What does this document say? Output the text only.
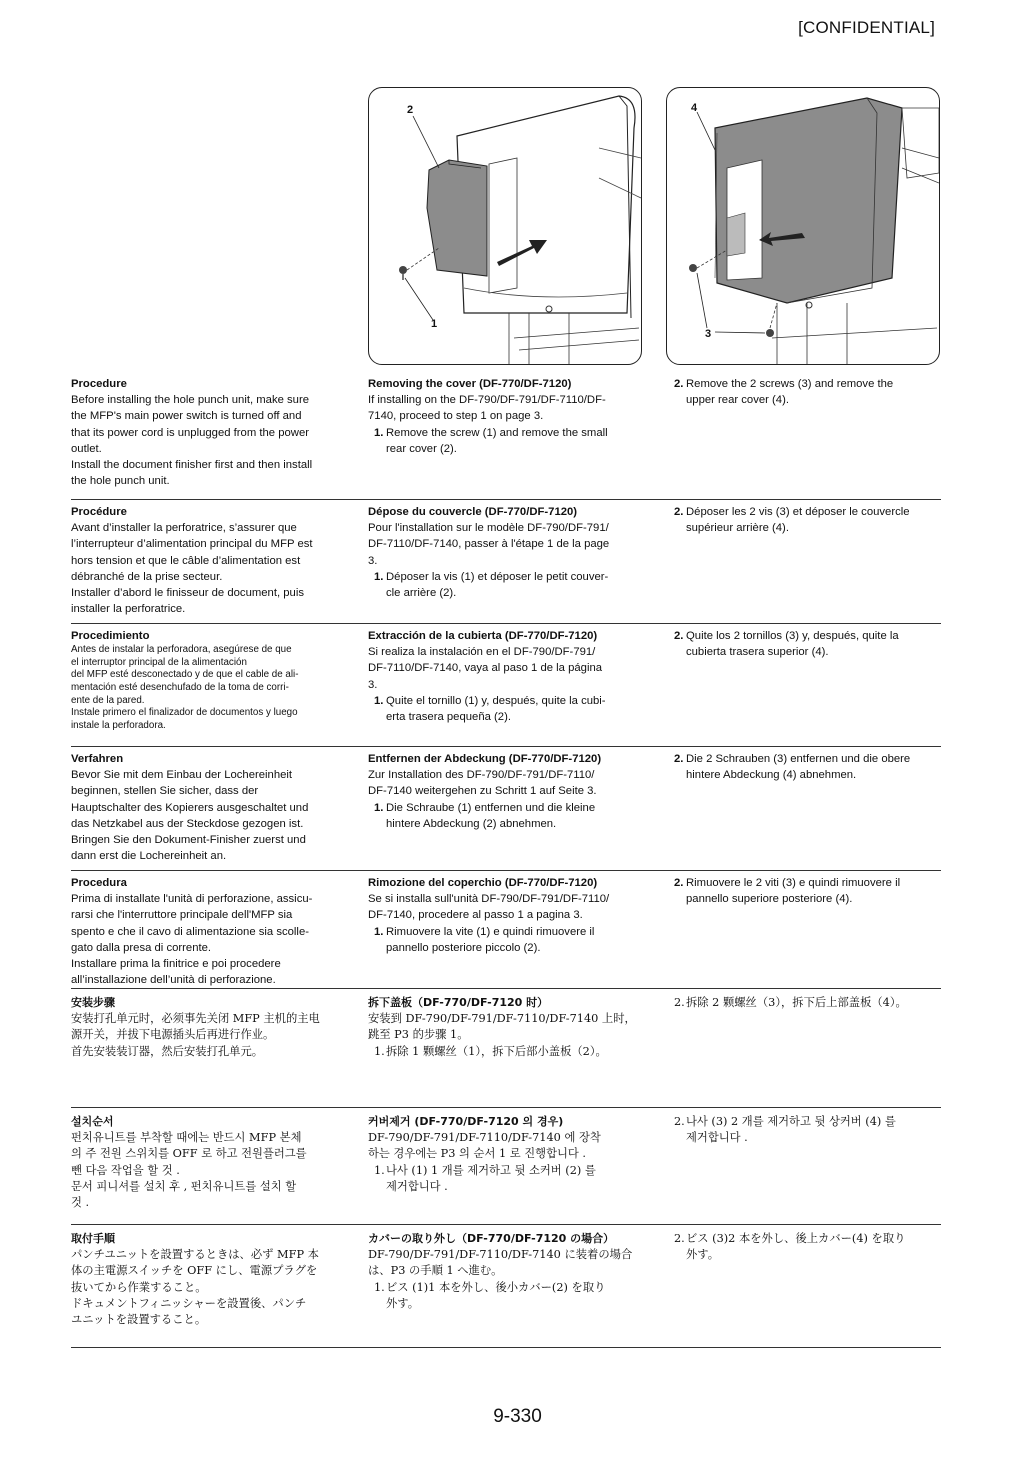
[CONFIDENTIAL]
2
1
4
3
Procedure
Before installing the hole punch unit, make sure
the MFP's main power switch is turned off and
that its power cord is unplugged from the power
outlet.
Install the document finisher first and then install
the hole punch unit.
Removing the cover (DF-770/DF-7120)
If installing on the DF-790/DF-791/DF-7110/DF-
7140, proceed to step 1 on page 3.
1. Remove the screw (1) and remove the small
rear cover (2).
2. Remove the 2 screws (3) and remove the
upper rear cover (4).
Procédure
Avant d’installer la perforatrice, s’assurer que
l’interrupteur d’alimentation principal du MFP est
hors tension et que le câble d’alimentation est
débranché de la prise secteur.
Installer d’abord le finisseur de document, puis
installer la perforatrice.
Dépose du couvercle (DF-770/DF-7120)
Pour l'installation sur le modèle DF-790/DF-791/
DF-7110/DF-7140, passer à l'étape 1 de la page
3.
1. Déposer la vis (1) et déposer le petit couver-
cle arrière (2).
2. Déposer les 2 vis (3) et déposer le couvercle
supérieur arrière (4).
Procedimiento
Antes de instalar la perforadora, asegúrese de que
el interruptor principal de la alimentación
del MFP esté desconectado y de que el cable de ali-
mentación esté desenchufado de la toma de corri-
ente de la pared.
Instale primero el finalizador de documentos y luego
instale la perforadora.
Extracción de la cubierta (DF-770/DF-7120)
Si realiza la instalación en el DF-790/DF-791/
DF-7110/DF-7140, vaya al paso 1 de la página
3.
1. Quite el tornillo (1) y, después, quite la cubi-
erta trasera pequeña (2).
2. Quite los 2 tornillos (3) y, después, quite la
cubierta trasera superior (4).
Verfahren
Bevor Sie mit dem Einbau der Lochereinheit
beginnen, stellen Sie sicher, dass der
Hauptschalter des Kopierers ausgeschaltet und
das Netzkabel aus der Steckdose gezogen ist.
Bringen Sie den Dokument-Finisher zuerst und
dann erst die Lochereinheit an.
Entfernen der Abdeckung (DF-770/DF-7120)
Zur Installation des DF-790/DF-791/DF-7110/
DF-7140 weitergehen zu Schritt 1 auf Seite 3.
1. Die Schraube (1) entfernen und die kleine
hintere Abdeckung (2) abnehmen.
2. Die 2 Schrauben (3) entfernen und die obere
hintere Abdeckung (4) abnehmen.
Procedura
Prima di installate l'unità di perforazione, assicu-
rarsi che l'interruttore principale dell'MFP sia
spento e che il cavo di alimentazione sia scolle-
gato dalla presa di corrente.
Installare prima la finitrice e poi procedere
all’installazione dell’unità di perforazione.
Rimozione del coperchio (DF-770/DF-7120)
Se si installa sull'unità DF-790/DF-791/DF-7110/
DF-7140, procedere al passo 1 a pagina 3.
1. Rimuovere la vite (1) e quindi rimuovere il
pannello posteriore piccolo (2).
2. Rimuovere le 2 viti (3) e quindi rimuovere il
pannello superiore posteriore (4).
安装步骤
安装打孔单元时，必须事先关闭 MFP 主机的主电
源开关，并拔下电源插头后再进行作业。
首先安装装订器，然后安装打孔单元。
拆下盖板（DF-770/DF-7120 时）
安装到 DF-790/DF-791/DF-7110/DF-7140 上时，
跳至 P3 的步骤 1。
1. 拆除 1 颗螺丝（1），拆下后部小盖板（2）。
2. 拆除 2 颗螺丝（3），拆下后上部盖板（4）。
설치순서
펀치유니트를 부착할 때에는 반드시 MFP 본체
의 주 전원 스위치를 OFF 로 하고 전원플러그를
뺀 다음 작업을 할 것 .
문서 피니셔를 설치 후 , 펀치유니트를 설치 할
것 .
커버제거 (DF-770/DF-7120 의 경우)
DF-790/DF-791/DF-7110/DF-7140 에 장착
하는 경우에는 P3 의 순서 1 로 진행합니다 .
1. 나사 (1) 1 개를 제거하고 뒷 소커버 (2) 를
제거합니다 .
2. 나사 (3) 2 개를 제거하고 뒷 상커버 (4) 를
제거합니다 .
取付手順
パンチユニットを設置するときは、必ず MFP 本
体の主電源スイッチを OFF にし、電源プラグを
抜いてから作業すること。
ドキュメントフィニッシャーを設置後、パンチ
ユニットを設置すること。
カバーの取り外し（DF-770/DF-7120 の場合）
DF-790/DF-791/DF-7110/DF-7140 に装着の場合
は、P3 の手順 1 へ進む。
1. ビス (1)1 本を外し、後小カバー(2) を取り
外す。
2. ビス (3)2 本を外し、後上カバー(4) を取り
外す。
9-330
